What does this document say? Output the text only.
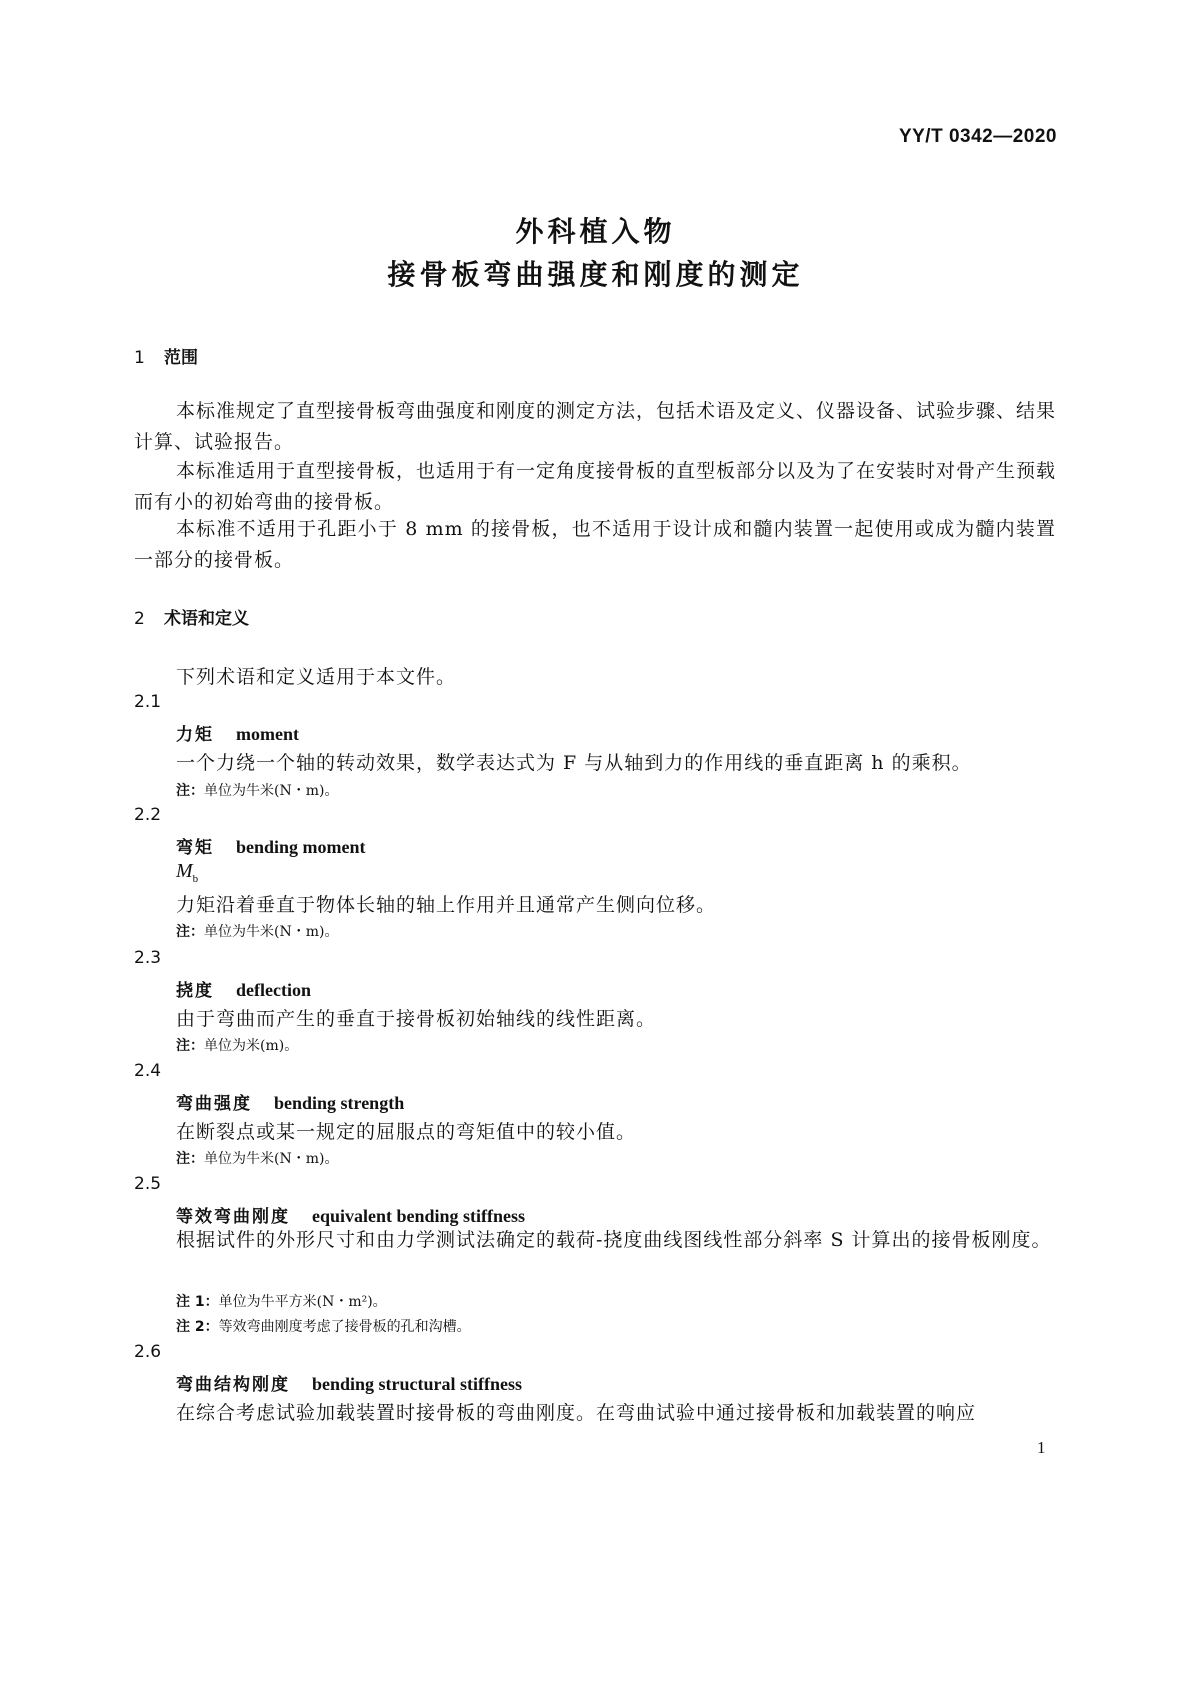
YY/T 0342—2020
外科植入物
接骨板弯曲强度和刚度的测定
1 范围
本标准规定了直型接骨板弯曲强度和刚度的测定方法，包括术语及定义、仪器设备、试验步骤、结果计算、试验报告。
本标准适用于直型接骨板，也适用于有一定角度接骨板的直型板部分以及为了在安装时对骨产生预载而有小的初始弯曲的接骨板。
本标准不适用于孔距小于 8 mm 的接骨板，也不适用于设计成和髓内装置一起使用或成为髓内装置一部分的接骨板。
2 术语和定义
下列术语和定义适用于本文件。
2.1
力矩 moment
一个力绕一个轴的转动效果，数学表达式为 F 与从轴到力的作用线的垂直距离 h 的乘积。
注：单位为牛米(N・m)。
2.2
弯矩 bending moment
$M_b$
力矩沿着垂直于物体长轴的轴上作用并且通常产生侧向位移。
注：单位为牛米(N・m)。
2.3
挠度 deflection
由于弯曲而产生的垂直于接骨板初始轴线的线性距离。
注：单位为米(m)。
2.4
弯曲强度 bending strength
在断裂点或某一规定的屈服点的弯矩值中的较小值。
注：单位为牛米(N・m)。
2.5
等效弯曲刚度 equivalent bending stiffness
根据试件的外形尺寸和由力学测试法确定的载荷-挠度曲线图线性部分斜率 S 计算出的接骨板刚度。
注 1：单位为牛平方米(N・m²)。
注 2：等效弯曲刚度考虑了接骨板的孔和沟槽。
2.6
弯曲结构刚度 bending structural stiffness
在综合考虑试验加载装置时接骨板的弯曲刚度。在弯曲试验中通过接骨板和加载装置的响应
1
